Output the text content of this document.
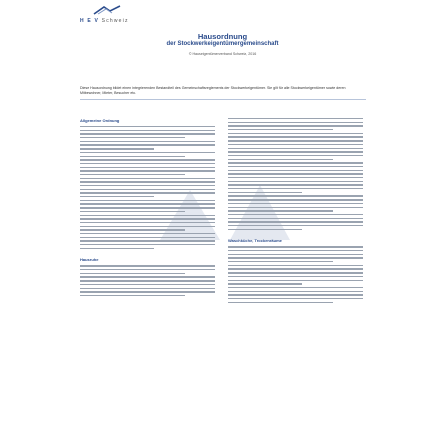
H E V Schweiz
Hausordnung
der Stockwerkeigentümergemeinschaft
© Hauseigentümerverband Schweiz, 2016
Diese Hausordnung bildet einen integrierenden Bestandteil des Gemeinschaftsreglements der Stockwerkeigentümer. Sie gilt für alle Stockwerkeigentümer sowie deren Mitbewohner, Mieter, Besucher etc.
Allgemeine Ordnung
Hausruhe
Waschküche, Trockenräume
